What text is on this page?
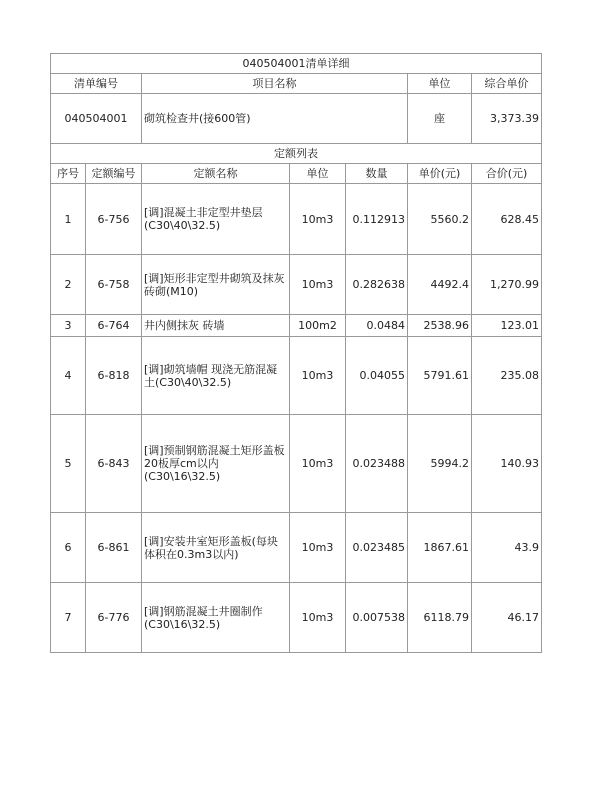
040504001清单详细			
清单编号	项目名称	单位	综合单价
040504001	砌筑检查井(接600管)	座	3,373.39
定额列表						
序号	定额编号	定额名称	单位	数量	单价(元)	合价(元)
1	6-756	[调]混凝土非定型井垫层(C30\40\32.5)	10m3	0.112913	5560.2	628.45
2	6-758	[调]矩形非定型井砌筑及抹灰 砖砌(M10)	10m3	0.282638	4492.4	1,270.99
3	6-764	井内侧抹灰 砖墙	100m2	0.0484	2538.96	123.01
4	6-818	[调]砌筑墙帽 现浇无筋混凝土(C30\40\32.5)	10m3	0.04055	5791.61	235.08
5	6-843	[调]预制钢筋混凝土矩形盖板20板厚cm以内(C30\16\32.5)	10m3	0.023488	5994.2	140.93
6	6-861	[调]安装井室矩形盖板(每块体积在0.3m3以内)	10m3	0.023485	1867.61	43.9
7	6-776	[调]钢筋混凝土井圈制作(C30\16\32.5)	10m3	0.007538	6118.79	46.17
